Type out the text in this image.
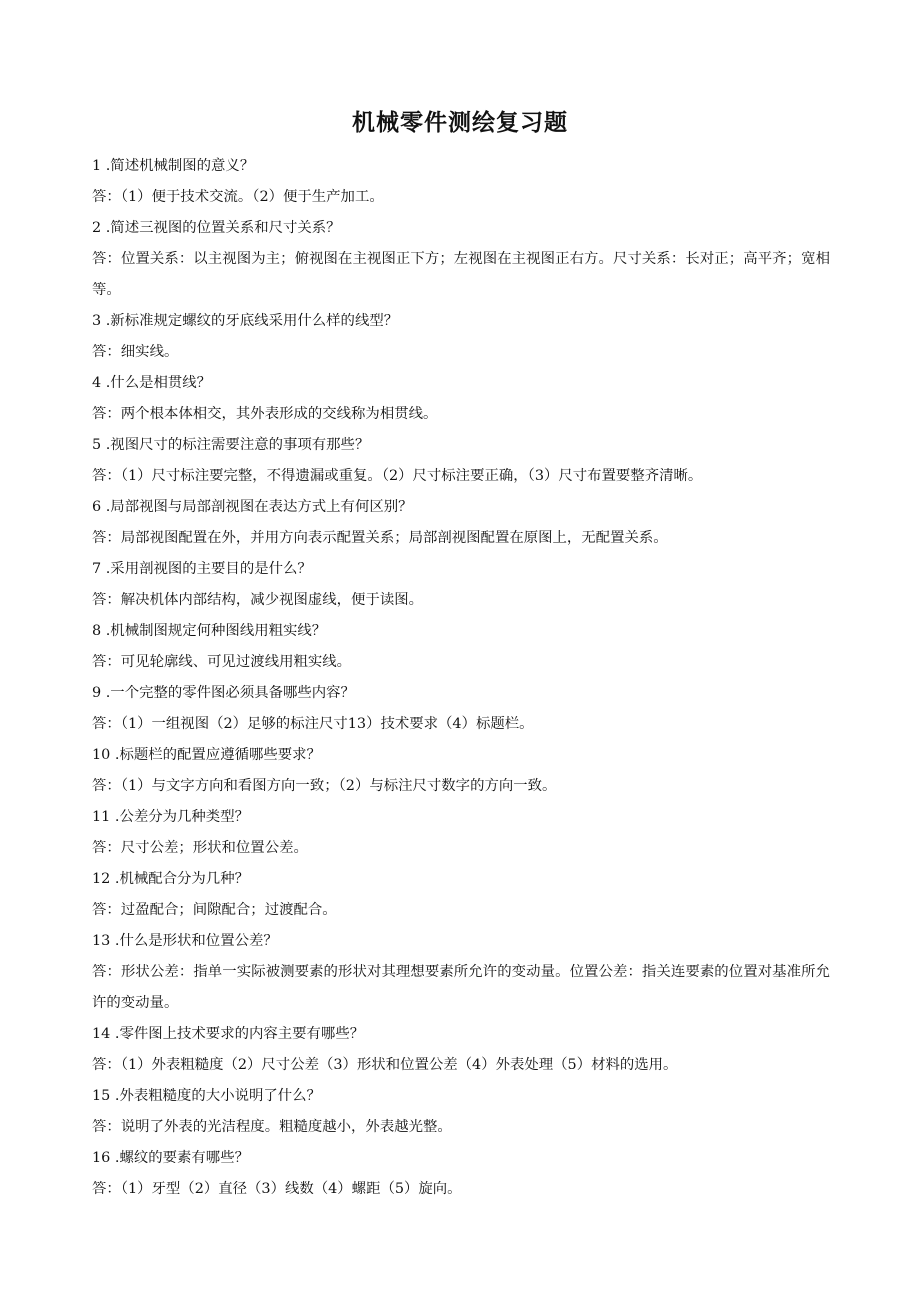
机械零件测绘复习题
1 .简述机械制图的意义？
答：（1）便于技术交流。（2）便于生产加工。
2 .简述三视图的位置关系和尺寸关系？
答：位置关系：以主视图为主；俯视图在主视图正下方；左视图在主视图正右方。尺寸关系：长对正；高平齐；宽相等。
3 .新标准规定螺纹的牙底线采用什么样的线型？
答：细实线。
4 .什么是相贯线？
答：两个根本体相交，其外表形成的交线称为相贯线。
5 .视图尺寸的标注需要注意的事项有那些？
答：（1）尺寸标注要完整，不得遗漏或重复。（2）尺寸标注要正确，（3）尺寸布置要整齐清晰。
6 .局部视图与局部剖视图在表达方式上有何区别？
答：局部视图配置在外，并用方向表示配置关系；局部剖视图配置在原图上，无配置关系。
7 .采用剖视图的主要目的是什么？
答：解决机体内部结构，减少视图虚线，便于读图。
8 .机械制图规定何种图线用粗实线？
答：可见轮廓线、可见过渡线用粗实线。
9 .一个完整的零件图必须具备哪些内容？
答：（1）一组视图（2）足够的标注尺寸13）技术要求（4）标题栏。
10 .标题栏的配置应遵循哪些要求？
答：（1）与文字方向和看图方向一致；（2）与标注尺寸数字的方向一致。
11 .公差分为几种类型？
答：尺寸公差；形状和位置公差。
12 .机械配合分为几种？
答：过盈配合；间隙配合；过渡配合。
13 .什么是形状和位置公差？
答：形状公差：指单一实际被测要素的形状对其理想要素所允许的变动量。位置公差：指关连要素的位置对基准所允许的变动量。
14 .零件图上技术要求的内容主要有哪些？
答：（1）外表粗糙度（2）尺寸公差（3）形状和位置公差（4）外表处理（5）材料的选用。
15 .外表粗糙度的大小说明了什么？
答：说明了外表的光洁程度。粗糙度越小，外表越光整。
16 .螺纹的要素有哪些？
答：（1）牙型（2）直径（3）线数（4）螺距（5）旋向。
